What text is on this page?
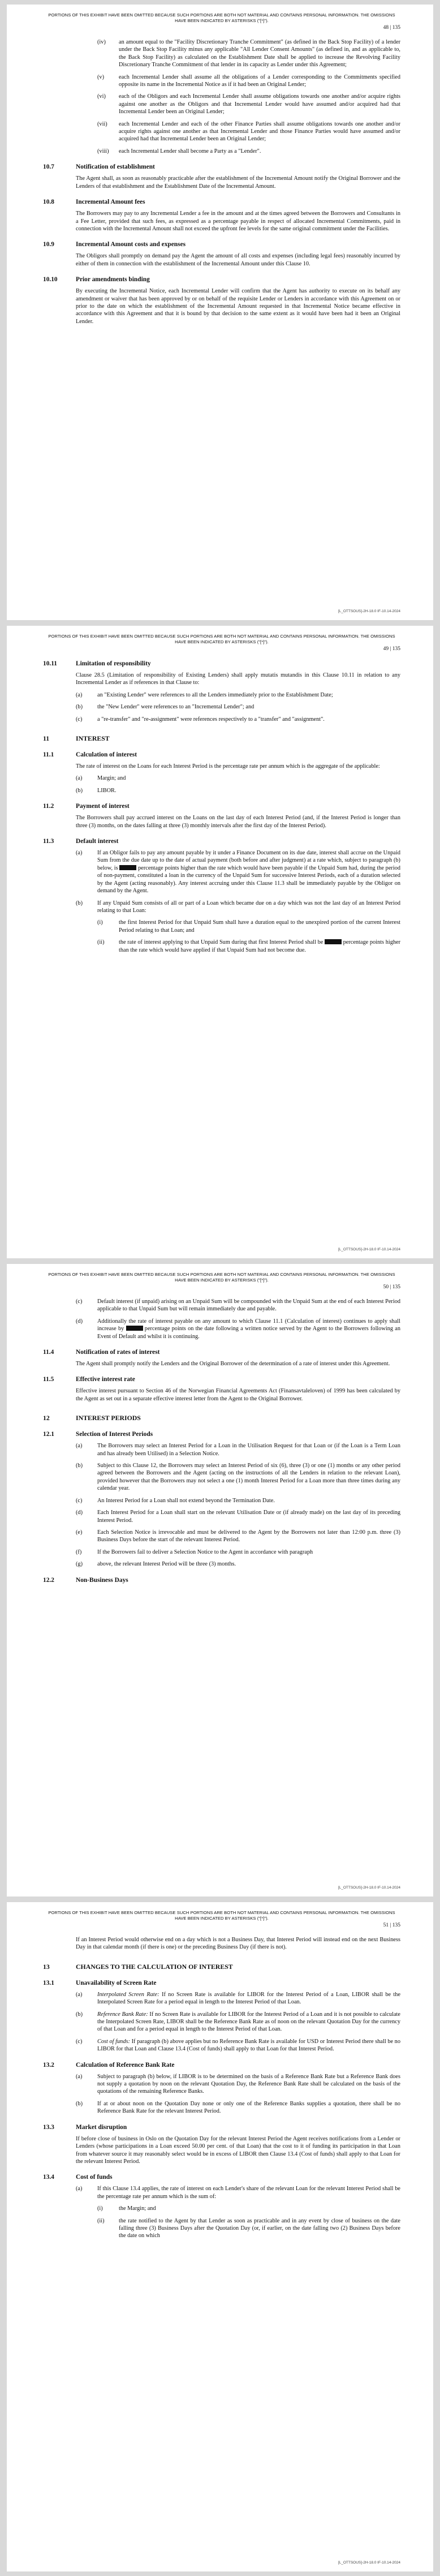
PORTIONS OF THIS EXHIBIT HAVE BEEN OMITTED BECAUSE SUCH PORTIONS ARE BOTH NOT MATERIAL AND CONTAINS PERSONAL INFORMATION. THE OMISSIONS HAVE BEEN INDICATED BY ASTERISKS ("[*]").
48 | 135
(iv)	an amount equal to the "Facility Discretionary Tranche Commitment" (as defined in the Back Stop Facility) of a lender under the Back Stop Facility minus any applicable "All Lender Consent Amounts" (as defined in, and as applicable to, the Back Stop Facility) as calculated on the Establishment Date shall be applied to increase the Revolving Facility Discretionary Tranche Commitment of that lender in its capacity as Lender under this Agreement;
(v)	each Incremental Lender shall assume all the obligations of a Lender corresponding to the Commitments specified opposite its name in the Incremental Notice as if it had been an Original Lender;
(vi)	each of the Obligors and each Incremental Lender shall assume obligations towards one another and/or acquire rights against one another as the Obligors and that Incremental Lender would have assumed and/or acquired had that Incremental Lender been an Original Lender;
(vii)	each Incremental Lender and each of the other Finance Parties shall assume obligations towards one another and/or acquire rights against one another as that Incremental Lender and those Finance Parties would have assumed and/or acquired had that Incremental Lender been an Original Lender;
(viii)	each Incremental Lender shall become a Party as a "Lender".
10.7	Notification of establishment

The Agent shall, as soon as reasonably practicable after the establishment of the Incremental Amount notify the Original Borrower and the Lenders of that establishment and the Establishment Date of the Incremental Amount.

10.8	Incremental Amount fees

The Borrowers may pay to any Incremental Lender a fee in the amount and at the times agreed between the Borrowers and Consultants in a Fee Letter, provided that such fees, as expressed as a percentage payable in respect of allocated Incremental Commitments, paid in connection with the Incremental Amount shall not exceed the upfront fee levels for the same original commitment under the Facilities.

10.9	Incremental Amount costs and expenses

The Obligors shall promptly on demand pay the Agent the amount of all costs and expenses (including legal fees) reasonably incurred by either of them in connection with the establishment of the Incremental Amount under this Clause 10.

10.10	Prior amendments binding

By executing the Incremental Notice, each Incremental Lender will confirm that the Agent has authority to execute on its behalf any amendment or waiver that has been approved by or on behalf of the requisite Lender or Lenders in accordance with this Agreement on or prior to the date on which the establishment of the Incremental Amount requested in that Incremental Notice became effective in accordance with this Agreement and that it is bound by that decision to the same extent as it would have been had it been an Original Lender.

[L_OTTSOUS]-2H-18.0 IF-10.14-2024
PORTIONS OF THIS EXHIBIT HAVE BEEN OMITTED BECAUSE SUCH PORTIONS ARE BOTH NOT MATERIAL AND CONTAINS PERSONAL INFORMATION. THE OMISSIONS HAVE BEEN INDICATED BY ASTERISKS ("[*]").
49 | 135
10.11	Limitation of responsibility

Clause 28.5 (Limitation of responsibility of Existing Lenders) shall apply mutatis mutandis in this Clause 10.11 in relation to any Incremental Lender as if references in that Clause to:

(a)	an "Existing Lender" were references to all the Lenders immediately prior to the Establishment Date;
(b)	the "New Lender" were references to an "Incremental Lender"; and
(c)	a "re-transfer" and "re-assignment" were references respectively to a "transfer" and "assignment".
11	INTEREST
11.1	Calculation of interest

The rate of interest on the Loans for each Interest Period is the percentage rate per annum which is the aggregate of the applicable:

(a)	Margin; and
(b)	LIBOR.
11.2	Payment of interest

The Borrowers shall pay accrued interest on the Loans on the last day of each Interest Period (and, if the Interest Period is longer than three (3) months, on the dates falling at three (3) monthly intervals after the first day of the Interest Period).

11.3	Default interest
(a)	If an Obligor fails to pay any amount payable by it under a Finance Document on its due date, interest shall accrue on the Unpaid Sum from the due date up to the date of actual payment (both before and after judgment) at a rate which, subject to paragraph (b) below, is	percentage points higher than the rate which would have been payable if the Unpaid Sum had, during the period of non-payment, constituted a loan in the currency of the Unpaid Sum for successive Interest Periods, each of a duration selected by the Agent (acting reasonably). Any interest accruing under this Clause 11.3 shall be immediately payable by the Obligor on demand by the Agent.
(b)	If any Unpaid Sum consists of all or part of a Loan which became due on a day which was not the last day of an Interest Period relating to that Loan:
(i)	the first Interest Period for that Unpaid Sum shall have a duration equal to the unexpired portion of the current Interest Period relating to that Loan; and
(ii)	the rate of interest applying to that Unpaid Sum during that first Interest Period shall be	percentage points higher than the rate which would have applied if that Unpaid Sum had not become due.
[L_OTTSOUS]-2H-18.0 IF-10.14-2024
PORTIONS OF THIS EXHIBIT HAVE BEEN OMITTED BECAUSE SUCH PORTIONS ARE BOTH NOT MATERIAL AND CONTAINS PERSONAL INFORMATION. THE OMISSIONS HAVE BEEN INDICATED BY ASTERISKS ("[*]").
50 | 135
(c)	Default interest (if unpaid) arising on an Unpaid Sum will be compounded with the Unpaid Sum at the end of each Interest Period applicable to that Unpaid Sum but will remain immediately due and payable.
(d)	Additionally the rate of interest payable on any amount to which Clause 11.1 (Calculation of interest) continues to apply shall increase by	percentage points on the date following a written notice served by the Agent to the Borrowers following an Event of Default and whilst it is continuing.
11.4	Notification of rates of interest

The Agent shall promptly notify the Lenders and the Original Borrower of the determination of a rate of interest under this Agreement.

11.5	Effective interest rate

Effective interest pursuant to Section 46 of the Norwegian Financial Agreements Act (Finansavtaleloven) of 1999 has been calculated by the Agent as set out in a separate effective interest letter from the Agent to the Original Borrower.

12	INTEREST PERIODS
12.1	Selection of Interest Periods
(a)	The Borrowers may select an Interest Period for a Loan in the Utilisation Request for that Loan or (if the Loan is a Term Loan and has already been Utilised) in a Selection Notice.
(b)	Subject to this Clause 12, the Borrowers may select an Interest Period of six (6), three (3) or one (1) months or any other period agreed between the Borrowers and the Agent (acting on the instructions of all the Lenders in relation to the relevant Loan), provided however that the Borrowers may not select a one (1) month Interest Period for a Loan more than three times during any calendar year.
(c)	An Interest Period for a Loan shall not extend beyond the Termination Date.
(d)	Each Interest Period for a Loan shall start on the relevant Utilisation Date or (if already made) on the last day of its preceding Interest Period.
(e)	Each Selection Notice is irrevocable and must be delivered to the Agent by the Borrowers not later than 12:00 p.m. three (3) Business Days before the start of the relevant Interest Period.
(f)	If the Borrowers fail to deliver a Selection Notice to the Agent in accordance with paragraph
(g)	above, the relevant Interest Period will be three (3) months.
12.2	Non-Business Days
[L_OTTSOUS]-2H-18.0 IF-10.14-2024
PORTIONS OF THIS EXHIBIT HAVE BEEN OMITTED BECAUSE SUCH PORTIONS ARE BOTH NOT MATERIAL AND CONTAINS PERSONAL INFORMATION. THE OMISSIONS HAVE BEEN INDICATED BY ASTERISKS ("[*]").
51 | 135

If an Interest Period would otherwise end on a day which is not a Business Day, that Interest Period will instead end on the next Business Day in that calendar month (if there is one) or the preceding Business Day (if there is not).

13	CHANGES TO THE CALCULATION OF INTEREST
13.1	Unavailability of Screen Rate
(a)	Interpolated Screen Rate: If no Screen Rate is available for LIBOR for the Interest Period of a Loan, LIBOR shall be the Interpolated Screen Rate for a period equal in length to the Interest Period of that Loan.
(b)	Reference Bank Rate: If no Screen Rate is available for LIBOR for the Interest Period of a Loan and it is not possible to calculate the Interpolated Screen Rate, LIBOR shall be the Reference Bank Rate as of noon on the relevant Quotation Day for the currency of that Loan and for a period equal in length to the Interest Period of that Loan.
(c)	Cost of funds: If paragraph (b) above applies but no Reference Bank Rate is available for USD or Interest Period there shall be no LIBOR for that Loan and Clause 13.4 (Cost of funds) shall apply to that Loan for that Interest Period.
13.2	Calculation of Reference Bank Rate
(a)	Subject to paragraph (b) below, if LIBOR is to be determined on the basis of a Reference Bank Rate but a Reference Bank does not supply a quotation by noon on the relevant Quotation Day, the Reference Bank Rate shall be calculated on the basis of the quotations of the remaining Reference Banks.
(b)	If at or about noon on the Quotation Day none or only one of the Reference Banks supplies a quotation, there shall be no Reference Bank Rate for the relevant Interest Period.
13.3	Market disruption

If before close of business in Oslo on the Quotation Day for the relevant Interest Period the Agent receives notifications from a Lender or Lenders (whose participations in a Loan exceed 50.00 per cent. of that Loan) that the cost to it of funding its participation in that Loan from whatever source it may reasonably select would be in excess of LIBOR then Clause 13.4 (Cost of funds) shall apply to that Loan for the relevant Interest Period.

13.4	Cost of funds
(a)	If this Clause 13.4 applies, the rate of interest on each Lender's share of the relevant Loan for the relevant Interest Period shall be the percentage rate per annum which is the sum of:
(i)	the Margin; and
(ii)	the rate notified to the Agent by that Lender as soon as practicable and in any event by close of business on the date falling three (3) Business Days after the Quotation Day (or, if earlier, on the date falling two (2) Business Days before the date on which
[L_OTTSOUS]-2H-18.0 IF-10.14-2024
